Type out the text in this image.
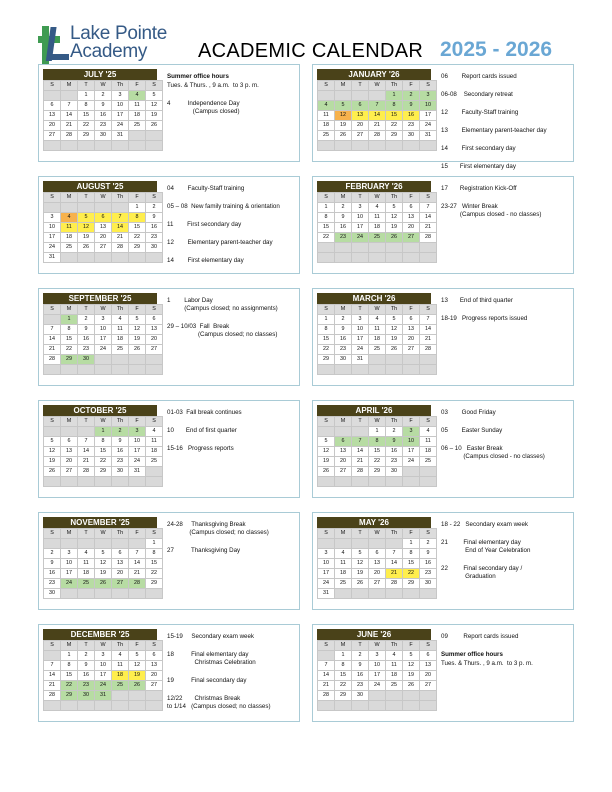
Lake Pointe
Academy	ACADEMIC CALENDAR 2025 - 2026
JULY '25
S	M	T	W	Th	F	S
		1	2	3	4	5
6	7	8	9	10	11	12
13	14	15	16	17	18	19
20	21	22	23	24	25	26
27	28	29	30	31		

Summer office hours
Tues. & Thurs. , 9 a.m.  to 3 p. m.
4          Independence Day
(Campus closed)
JANUARY '26
S	M	T	W	Th	F	S
				1	2	3
4	5	6	7	8	9	10
11	12	13	14	15	16	17
18	19	20	21	22	23	24
25	26	27	28	29	30	31

06        Report cards issued
06-08    Secondary retreat
12        Faculty-Staff training
13        Elementary parent-teacher day
14        First secondary day
15       First elementary day
AUGUST '25
S	M	T	W	Th	F	S
					1	2
3	4	5	6	7	8	9
10	11	12	13	14	15	16
17	18	19	20	21	22	23
24	25	26	27	28	29	30
31						
04        Faculty-Staff training
05 – 08  New family training & orientation
11        First secondary day
12        Elementary parent-teacher day
14        First elementary day
FEBRUARY '26
S	M	T	W	Th	F	S
1	2	3	4	5	6	7
8	9	10	11	12	13	14
15	16	17	18	19	20	21
22	23	24	25	26	27	28

17       Registration Kick-Off
23-27   Winter Break
(Campus closed - no classes)
SEPTEMBER '25
S	M	T	W	Th	F	S
	1	2	3	4	5	6
7	8	9	10	11	12	13
14	15	16	17	18	19	20
21	22	23	24	25	26	27
28	29	30				

1        Labor Day
(Campus closed; no assignments)
29 – 10/03  Fall  Break
(Campus closed; no classes)
MARCH '26
S	M	T	W	Th	F	S
1	2	3	4	5	6	7
8	9	10	11	12	13	14
15	16	17	18	19	20	21
22	23	24	25	26	27	28
29	30	31				

13       End of third quarter
18-19   Progress reports issued
OCTOBER '25
S	M	T	W	Th	F	S
			1	2	3	4
5	6	7	8	9	10	11
12	13	14	15	16	17	18
19	20	21	22	23	24	25
26	27	28	29	30	31	

01-03  Fall break continues
10       End of first quarter
15-16   Progress reports
APRIL '26
S	M	T	W	Th	F	S
			1	2	3	4
5	6	7	8	9	10	11
12	13	14	15	16	17	18
19	20	21	22	23	24	25
26	27	28	29	30		

03        Good Friday
05        Easter Sunday
06 – 10   Easter Break
(Campus closed - no classes)
NOVEMBER '25
S	M	T	W	Th	F	S
						1
2	3	4	5	6	7	8
9	10	11	12	13	14	15
16	17	18	19	20	21	22
23	24	25	26	27	28	29
30						
24-28     Thanksgiving Break
(Campus closed; no classes)
27          Thanksgiving Day
MAY '26
S	M	T	W	Th	F	S
					1	2
3	4	5	6	7	8	9
10	11	12	13	14	15	16
17	18	19	20	21	22	23
24	25	26	27	28	29	30
31						
18 - 22   Secondary exam week
21         Final elementary day
End of Year Celebration
22         Final secondary day /
Graduation
DECEMBER '25
S	M	T	W	Th	F	S
	1	2	3	4	5	6
7	8	9	10	11	12	13
14	15	16	17	18	19	20
21	22	23	24	25	26	27
28	29	30	31			

15-19     Secondary exam week
18          Final elementary day
Christmas Celebration
19          Final secondary day
12/22       Christmas Break
to 1/14   (Campus closed; no classes)
JUNE '26
S	M	T	W	Th	F	S
	1	2	3	4	5	6
7	8	9	10	11	12	13
14	15	16	17	18	19	20
21	22	23	24	25	26	27
28	29	30				

09         Report cards issued
Summer office hours
Tues. & Thurs. , 9 a.m.  to 3 p. m.
